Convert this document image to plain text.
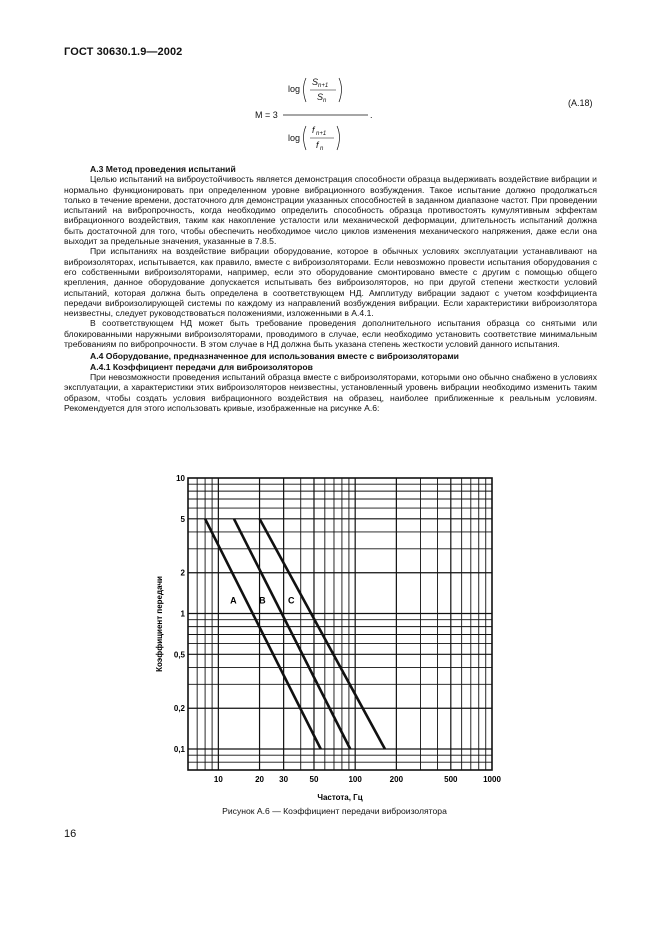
ГОСТ 30630.1.9—2002
M = 3
log
S n+1
S n
log
f n+1
f n
.
(А.18)

А.3 Метод проведения испытаний

Целью испытаний на виброустойчивость является демонстрация способности образца выдерживать воздействие вибрации и нормально функционировать при определенном уровне вибрационного возбуждения. Такое испытание должно продолжаться только в течение времени, достаточного для демонстрации указанных способностей в заданном диапазоне частот. При проведении испытаний на вибропрочность, когда необходимо определить способность образца противостоять кумулятивным эффектам вибрационного воздействия, таким как накопление усталости или механической деформации, длительность испытаний должна быть достаточной для того, чтобы обеспечить необходимое число циклов изменения механического напряжения, даже если она выходит за предельные значения, указанные в 7.8.5.

При испытаниях на воздействие вибрации оборудование, которое в обычных условиях эксплуатации устанавливают на виброизоляторах, испытывается, как правило, вместе с виброизоляторами. Если невозможно провести испытания оборудования с его собственными виброизоляторами, например, если это оборудование смонтировано вместе с другим с помощью общего крепления, данное оборудование допускается испытывать без виброизоляторов, но при другой степени жесткости условий испытаний, которая должна быть определена в соответствующем НД. Амплитуду вибрации задают с учетом коэффициента передачи виброизолирующей системы по каждому из направлений возбуждения вибрации. Если характеристики виброизолятора неизвестны, следует руководствоваться положениями, изложенными в А.4.1.

В соответствующем НД может быть требование проведения дополнительного испытания образца со снятыми или блокированными наружными виброизоляторами, проводимого в случае, если необходимо установить соответствие минимальным требованиям по вибропрочности. В этом случае в НД должна быть указана степень жесткости условий данного испытания.

А.4 Оборудование, предназначенное для использования вместе с виброизоляторами

А.4.1 Коэффициент передачи для виброизоляторов

При невозможности проведения испытаний образца вместе с виброизоляторами, которыми оно обычно снабжено в условиях эксплуатации, а характеристики этих виброизоляторов неизвестны, установленный уровень вибрации необходимо изменить таким образом, чтобы создать условия вибрационного воздействия на образец, наиболее приближенные к реальным условиям. Рекомендуется для этого использовать кривые, изображенные на рисунке А.6:

10	20 30	50	100	200	500	1000
0,1
0,2
0,5
1
2
5
10
A	B C
Частота, Гц
Коэффициент передачи
Рисунок А.6 — Коэффициент передачи виброизолятора
16
